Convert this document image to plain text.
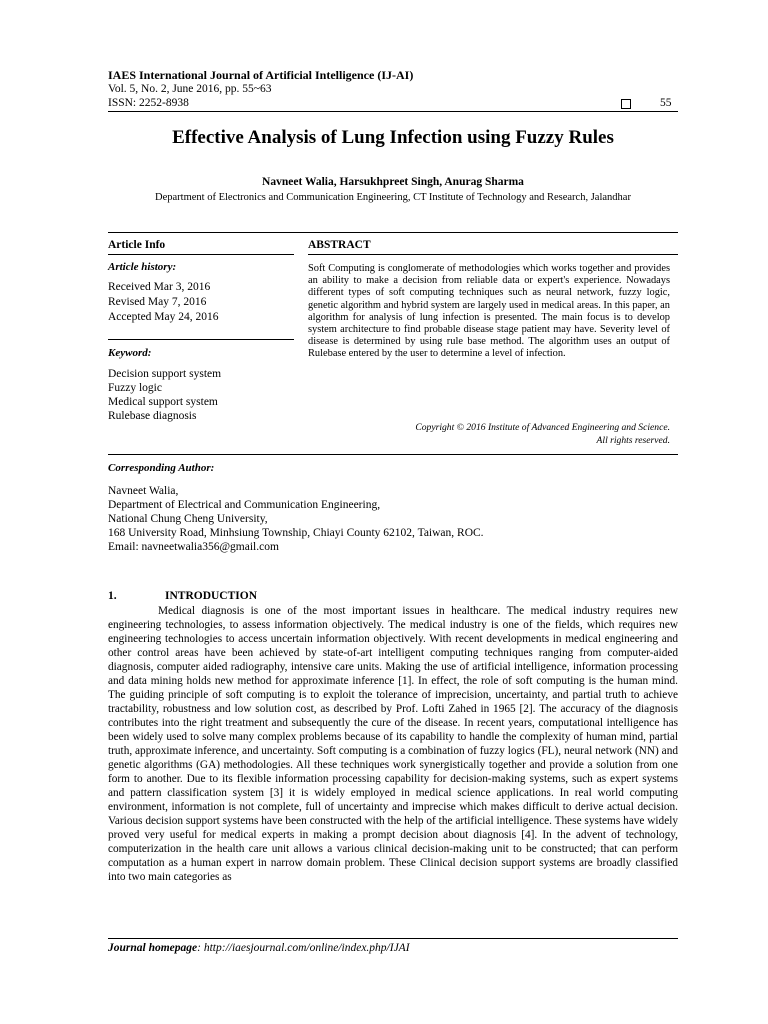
IAES International Journal of Artificial Intelligence (IJ-AI)
Vol. 5, No. 2, June 2016, pp. 55~63
ISSN: 2252-8938	55
Effective Analysis of Lung Infection using Fuzzy Rules
Navneet Walia, Harsukhpreet Singh, Anurag Sharma
Department of Electronics and Communication Engineering, CT Institute of Technology and Research, Jalandhar
Article Info
Article history:
Received Mar 3, 2016
Revised May 7, 2016
Accepted May 24, 2016
Keyword:
Decision support system
Fuzzy logic
Medical support system
Rulebase diagnosis
ABSTRACT
Soft Computing is conglomerate of methodologies which works together and provides an ability to make a decision from reliable data or expert's experience. Nowadays different types of soft computing techniques such as neural network, fuzzy logic, genetic algorithm and hybrid system are largely used in medical areas. In this paper, an algorithm for analysis of lung infection is presented. The main focus is to develop system architecture to find probable disease stage patient may have. Severity level of disease is determined by using rule base method. The algorithm uses an output of Rulebase entered by the user to determine a level of infection.
Copyright © 2016 Institute of Advanced Engineering and Science.
All rights reserved.
Corresponding Author:
Navneet Walia,
Department of Electrical and Communication Engineering,
National Chung Cheng University,
168 University Road, Minhsiung Township, Chiayi County 62102, Taiwan, ROC.
Email: navneetwalia356@gmail.com
1.	INTRODUCTION
Medical diagnosis is one of the most important issues in healthcare. The medical industry requires new engineering technologies, to assess information objectively. The medical industry is one of the fields, which requires new engineering technologies to access uncertain information objectively. With recent developments in medical engineering and other control areas have been achieved by state-of-art intelligent computing techniques ranging from computer-aided diagnosis, computer aided radiography, intensive care units. Making the use of artificial intelligence, information processing and data mining holds new method for approximate inference [1]. In effect, the role of soft computing is the human mind. The guiding principle of soft computing is to exploit the tolerance of imprecision, uncertainty, and partial truth to achieve tractability, robustness and low solution cost, as described by Prof. Lofti Zahed in 1965 [2]. The accuracy of the diagnosis contributes into the right treatment and subsequently the cure of the disease. In recent years, computational intelligence has been widely used to solve many complex problems because of its capability to handle the complexity of human mind, partial truth, approximate inference, and uncertainty. Soft computing is a combination of fuzzy logics (FL), neural network (NN) and genetic algorithms (GA) methodologies. All these techniques work synergistically together and provide a solution from one form to another. Due to its flexible information processing capability for decision-making systems, such as expert systems and pattern classification system [3] it is widely employed in medical science applications. In real world computing environment, information is not complete, full of uncertainty and imprecise which makes difficult to derive actual decision. Various decision support systems have been constructed with the help of the artificial intelligence. These systems have widely proved very useful for medical experts in making a prompt decision about diagnosis [4]. In the advent of technology, computerization in the health care unit allows a various clinical decision-making unit to be constructed; that can perform computation as a human expert in narrow domain problem. These Clinical decision support systems are broadly classified into two main categories as
Journal homepage: http://iaesjournal.com/online/index.php/IJAI
